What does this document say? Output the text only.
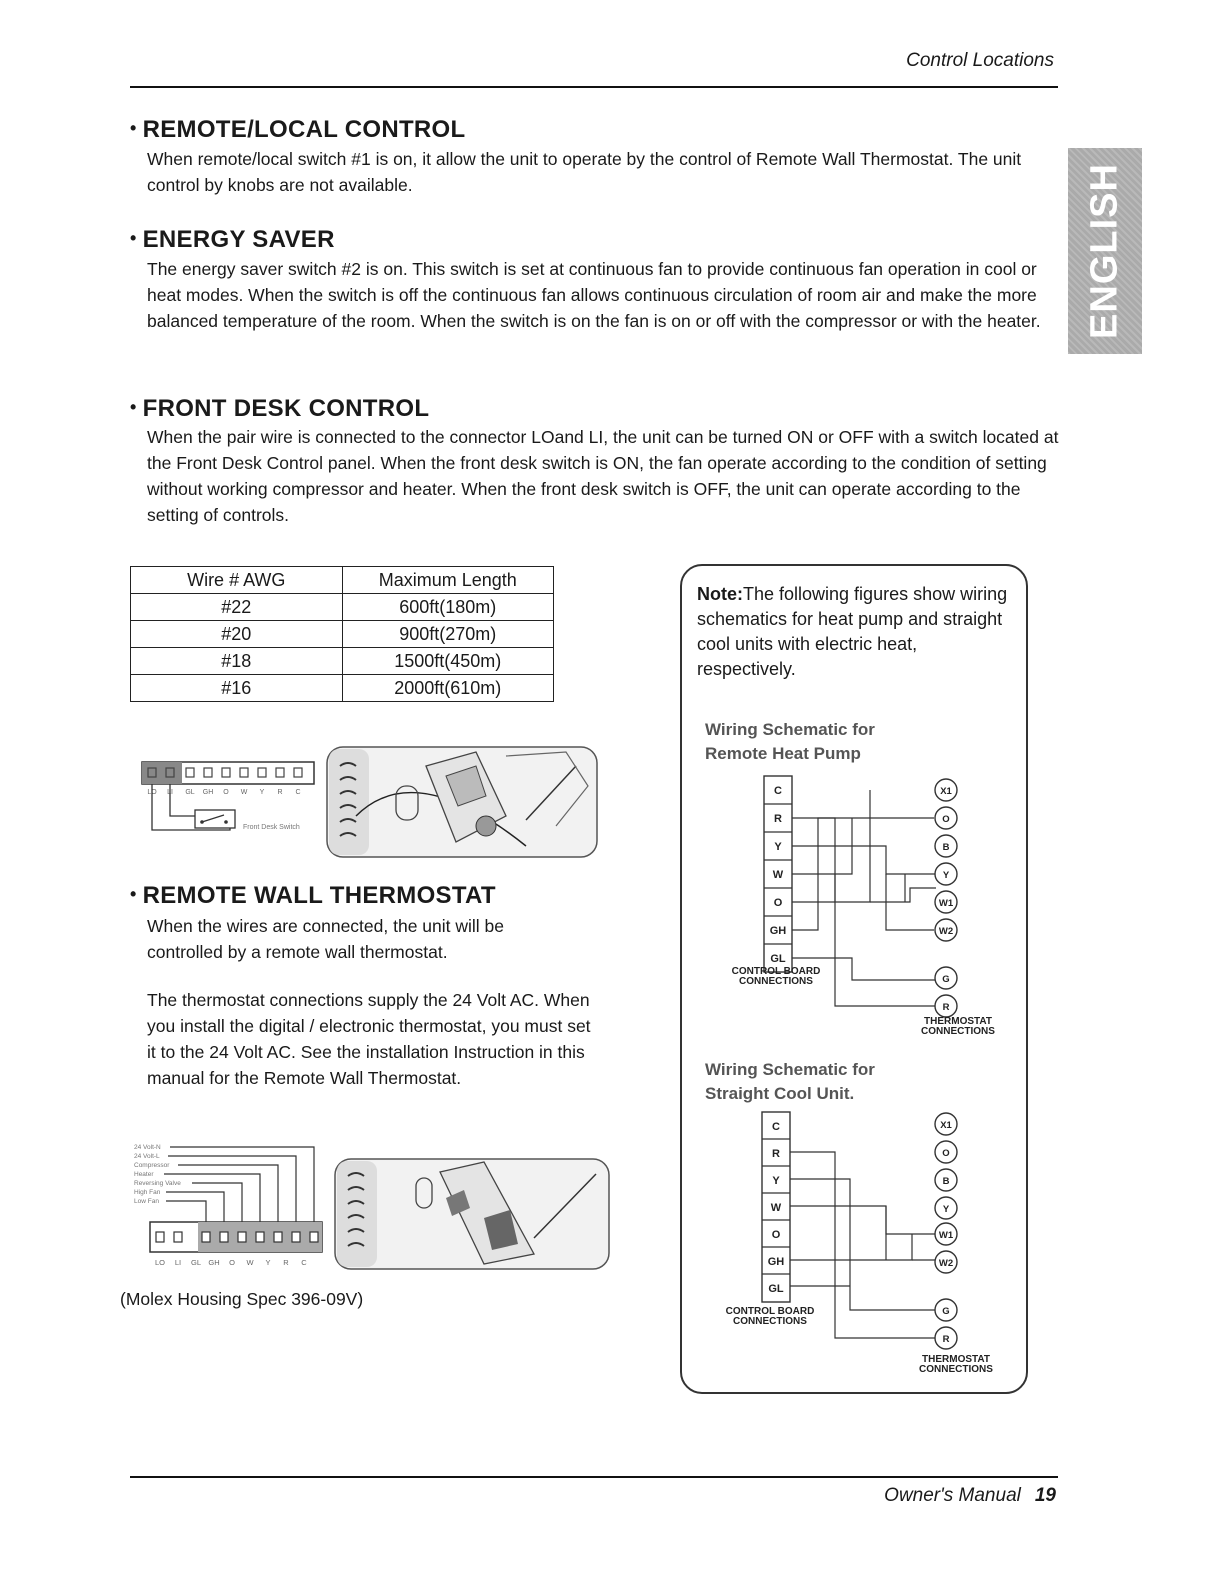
Control Locations
ENGLISH
• REMOTE/LOCAL CONTROL
When remote/local switch #1 is on, it allow the unit to operate by the control of Remote Wall Thermostat. The unit control by knobs are not available.
• ENERGY SAVER
The energy saver switch #2 is on. This switch is set at continuous fan to provide continuous fan operation in cool or heat modes. When the switch is off the continuous fan allows continuous circulation of room air and make the more balanced temperature of the room. When the switch is on the fan is on or off with the compressor or with the heater.
• FRONT DESK CONTROL
When the pair wire is connected to the connector LOand LI, the unit can be turned ON or OFF with a switch located at the Front Desk Control panel. When the front desk switch is ON, the fan operate according to the condition of setting without working compressor and heater. When the front desk switch is OFF, the unit can operate according to the setting of controls.
Wire # AWG	Maximum Length
#22	600ft(180m)
#20	900ft(270m)
#18	1500ft(450m)
#16	2000ft(610m)
LO LI GL GH O W Y R C
Front Desk Switch
• REMOTE WALL THERMOSTAT
When the wires are connected, the unit will be controlled by a remote wall thermostat.
The thermostat connections supply the 24 Volt AC. When you install the digital / electronic thermostat, you must set it to the 24 Volt AC. See the installation Instruction in this manual for the Remote Wall Thermostat.
24 Volt-N
24 Volt-L
Compressor
Heater
Reversing Valve
High Fan
Low Fan
LO LI GL GH O W Y R C
(Molex Housing Spec 396-09V)
Note:The following figures show wiring schematics for heat pump and straight cool units with electric heat, respectively.
Wiring Schematic for
Remote Heat Pump
C
R
Y
W
O
GH
GL
X1
O
B
Y
W1
W2
G
R
CONTROL BOARD
CONNECTIONS
THERMOSTAT
CONNECTIONS
Wiring Schematic for
Straight Cool Unit.
C
R
Y
W
O
GH
GL
X1
O
B
Y
W1
W2
G
R
CONTROL BOARD
CONNECTIONS
THERMOSTAT
CONNECTIONS
Owner's Manual 19
